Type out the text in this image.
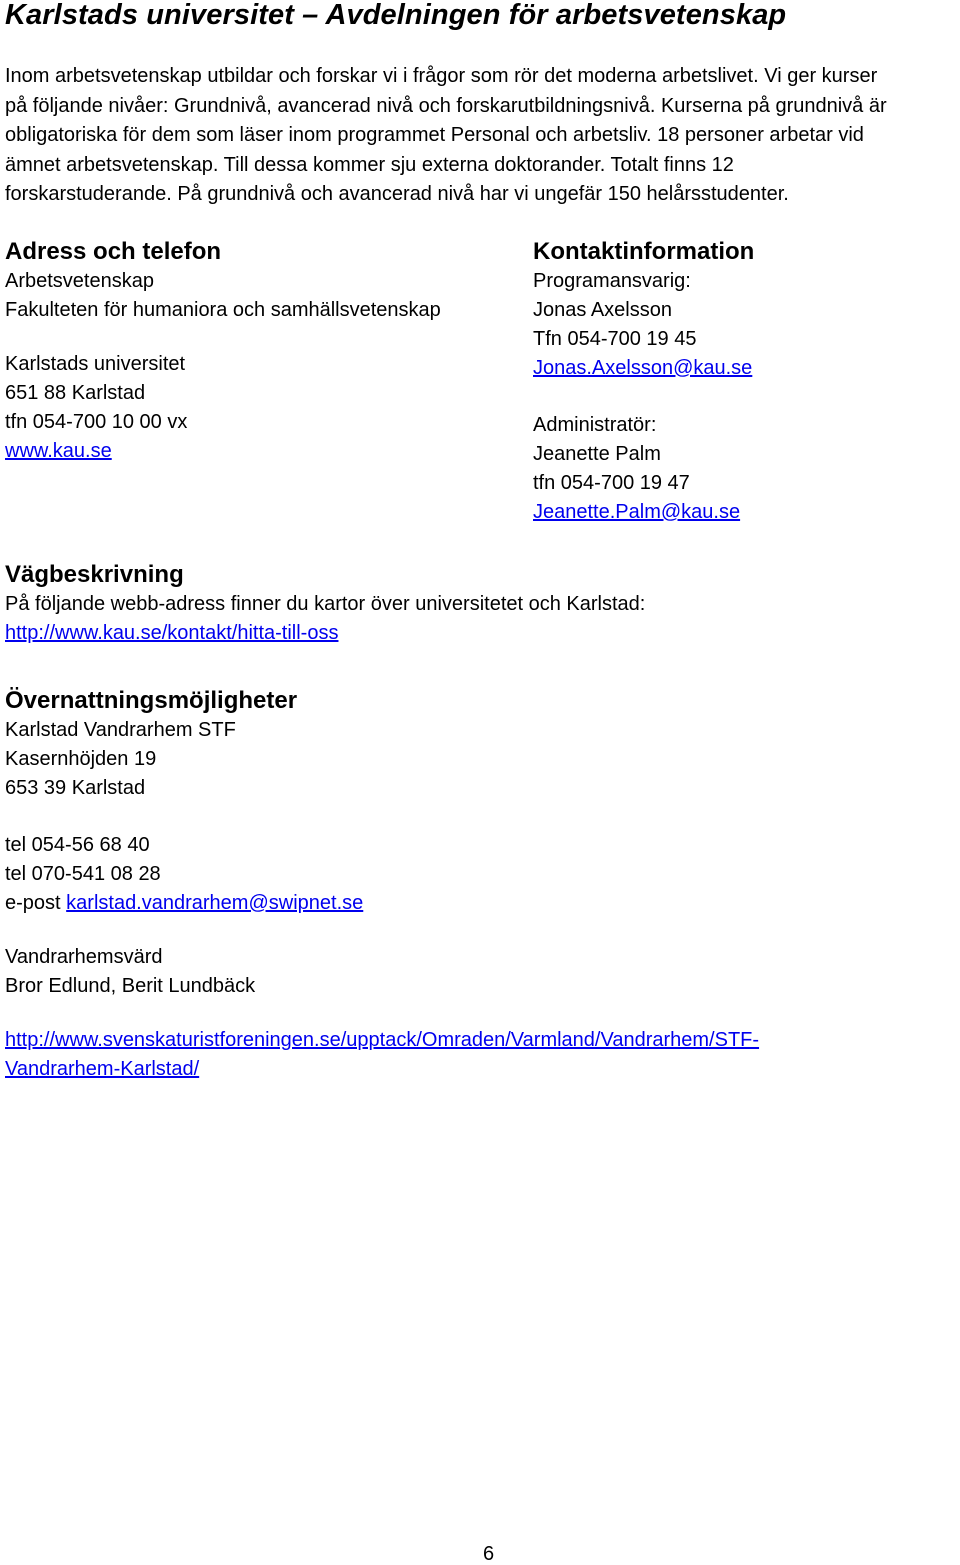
Karlstads universitet – Avdelningen för arbetsvetenskap

Inom arbetsvetenskap utbildar och forskar vi i frågor som rör det moderna arbetslivet. Vi ger kurser
på följande nivåer: Grundnivå, avancerad nivå och forskarutbildningsnivå. Kurserna på grundnivå är
obligatoriska för dem som läser inom programmet Personal och arbetsliv. 18 personer arbetar vid
ämnet arbetsvetenskap. Till dessa kommer sju externa doktorander. Totalt finns 12
forskarstuderande. På grundnivå och avancerad nivå har vi ungefär 150 helårsstudenter.

Adress och telefon
Arbetsvetenskap
Fakulteten för humaniora och samhällsvetenskap
Karlstads universitet
651 88 Karlstad
tfn 054-700 10 00 vx
www.kau.se
Kontaktinformation
Programansvarig:
Jonas Axelsson
Tfn 054-700 19 45
Jonas.Axelsson@kau.se
Administratör:
Jeanette Palm
tfn 054-700 19 47
Jeanette.Palm@kau.se
Vägbeskrivning
På följande webb-adress finner du kartor över universitetet och Karlstad:
http://www.kau.se/kontakt/hitta-till-oss
Övernattningsmöjligheter
Karlstad Vandrarhem STF
Kasernhöjden 19
653 39 Karlstad
tel 054-56 68 40
tel 070-541 08 28
e-post karlstad.vandrarhem@swipnet.se
Vandrarhemsvärd
Bror Edlund, Berit Lundbäck
http://www.svenskaturistforeningen.se/upptack/Omraden/Varmland/Vandrarhem/STF-
Vandrarhem-Karlstad/
6
